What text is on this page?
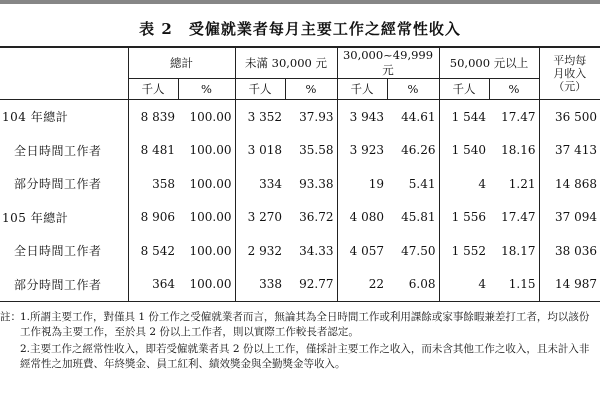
表 2　受僱就業者每月主要工作之經常性收入
	總計		未滿 30,000 元		30,000~49,999 元		50,000 元以上		平均每
月收入
（元）
	千人	%	千人	%	千人	%	千人	%	
104 年總計	8 839	100.00	3 352	37.93	3 943	44.61	1 544	17.47	36 500
全日時間工作者	8 481	100.00	3 018	35.58	3 923	46.26	1 540	18.16	37 413
部分時間工作者	358	100.00	334	93.38	19	5.41	4	1.21	14 868
105 年總計	8 906	100.00	3 270	36.72	4 080	45.81	1 556	17.47	37 094
全日時間工作者	8 542	100.00	2 932	34.33	4 057	47.50	1 552	18.17	38 036
部分時間工作者	364	100.00	338	92.77	22	6.08	4	1.15	14 987
註： 1.所謂主要工作，對僅具 1 份工作之受僱就業者而言，無論其為全日時間工作或利用課餘或家事餘暇兼差打工者，均以該份工作視為主要工作，至於具 2 份以上工作者，則以實際工作較長者認定。
2.主要工作之經常性收入，即若受僱就業者具 2 份以上工作，僅採計主要工作之收入，而未含其他工作之收入，且未計入非經常性之加班費、年終獎金、員工紅利、績效獎金與全勤獎金等收入。
